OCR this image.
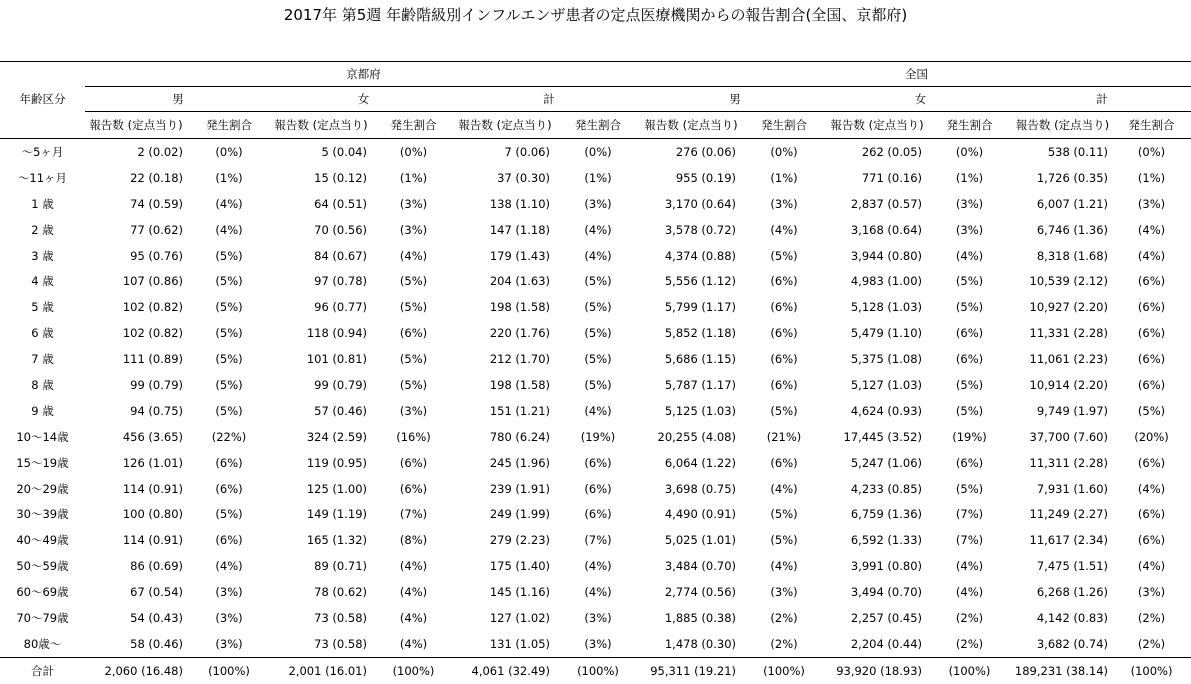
2017年 第5週 年齢階級別インフルエンザ患者の定点医療機関からの報告割合(全国、京都府)
	京都府						全国					
年齢区分	男		女		計		男		女		計	
	報告数 (定点当り)	発生割合	報告数 (定点当り)	発生割合	報告数 (定点当り)	発生割合	報告数 (定点当り)	発生割合	報告数 (定点当り)	発生割合	報告数 (定点当り)	発生割合
〜5ヶ月	2 (0.02)	(0%)	5 (0.04)	(0%)	7 (0.06)	(0%)	276 (0.06)	(0%)	262 (0.05)	(0%)	538 (0.11)	(0%)
〜11ヶ月	22 (0.18)	(1%)	15 (0.12)	(1%)	37 (0.30)	(1%)	955 (0.19)	(1%)	771 (0.16)	(1%)	1,726 (0.35)	(1%)
1 歳	74 (0.59)	(4%)	64 (0.51)	(3%)	138 (1.10)	(3%)	3,170 (0.64)	(3%)	2,837 (0.57)	(3%)	6,007 (1.21)	(3%)
2 歳	77 (0.62)	(4%)	70 (0.56)	(3%)	147 (1.18)	(4%)	3,578 (0.72)	(4%)	3,168 (0.64)	(3%)	6,746 (1.36)	(4%)
3 歳	95 (0.76)	(5%)	84 (0.67)	(4%)	179 (1.43)	(4%)	4,374 (0.88)	(5%)	3,944 (0.80)	(4%)	8,318 (1.68)	(4%)
4 歳	107 (0.86)	(5%)	97 (0.78)	(5%)	204 (1.63)	(5%)	5,556 (1.12)	(6%)	4,983 (1.00)	(5%)	10,539 (2.12)	(6%)
5 歳	102 (0.82)	(5%)	96 (0.77)	(5%)	198 (1.58)	(5%)	5,799 (1.17)	(6%)	5,128 (1.03)	(5%)	10,927 (2.20)	(6%)
6 歳	102 (0.82)	(5%)	118 (0.94)	(6%)	220 (1.76)	(5%)	5,852 (1.18)	(6%)	5,479 (1.10)	(6%)	11,331 (2.28)	(6%)
7 歳	111 (0.89)	(5%)	101 (0.81)	(5%)	212 (1.70)	(5%)	5,686 (1.15)	(6%)	5,375 (1.08)	(6%)	11,061 (2.23)	(6%)
8 歳	99 (0.79)	(5%)	99 (0.79)	(5%)	198 (1.58)	(5%)	5,787 (1.17)	(6%)	5,127 (1.03)	(5%)	10,914 (2.20)	(6%)
9 歳	94 (0.75)	(5%)	57 (0.46)	(3%)	151 (1.21)	(4%)	5,125 (1.03)	(5%)	4,624 (0.93)	(5%)	9,749 (1.97)	(5%)
10〜14歳	456 (3.65)	(22%)	324 (2.59)	(16%)	780 (6.24)	(19%)	20,255 (4.08)	(21%)	17,445 (3.52)	(19%)	37,700 (7.60)	(20%)
15〜19歳	126 (1.01)	(6%)	119 (0.95)	(6%)	245 (1.96)	(6%)	6,064 (1.22)	(6%)	5,247 (1.06)	(6%)	11,311 (2.28)	(6%)
20〜29歳	114 (0.91)	(6%)	125 (1.00)	(6%)	239 (1.91)	(6%)	3,698 (0.75)	(4%)	4,233 (0.85)	(5%)	7,931 (1.60)	(4%)
30〜39歳	100 (0.80)	(5%)	149 (1.19)	(7%)	249 (1.99)	(6%)	4,490 (0.91)	(5%)	6,759 (1.36)	(7%)	11,249 (2.27)	(6%)
40〜49歳	114 (0.91)	(6%)	165 (1.32)	(8%)	279 (2.23)	(7%)	5,025 (1.01)	(5%)	6,592 (1.33)	(7%)	11,617 (2.34)	(6%)
50〜59歳	86 (0.69)	(4%)	89 (0.71)	(4%)	175 (1.40)	(4%)	3,484 (0.70)	(4%)	3,991 (0.80)	(4%)	7,475 (1.51)	(4%)
60〜69歳	67 (0.54)	(3%)	78 (0.62)	(4%)	145 (1.16)	(4%)	2,774 (0.56)	(3%)	3,494 (0.70)	(4%)	6,268 (1.26)	(3%)
70〜79歳	54 (0.43)	(3%)	73 (0.58)	(4%)	127 (1.02)	(3%)	1,885 (0.38)	(2%)	2,257 (0.45)	(2%)	4,142 (0.83)	(2%)
80歳〜	58 (0.46)	(3%)	73 (0.58)	(4%)	131 (1.05)	(3%)	1,478 (0.30)	(2%)	2,204 (0.44)	(2%)	3,682 (0.74)	(2%)
合計	2,060 (16.48)	(100%)	2,001 (16.01)	(100%)	4,061 (32.49)	(100%)	95,311 (19.21)	(100%)	93,920 (18.93)	(100%)	189,231 (38.14)	(100%)
